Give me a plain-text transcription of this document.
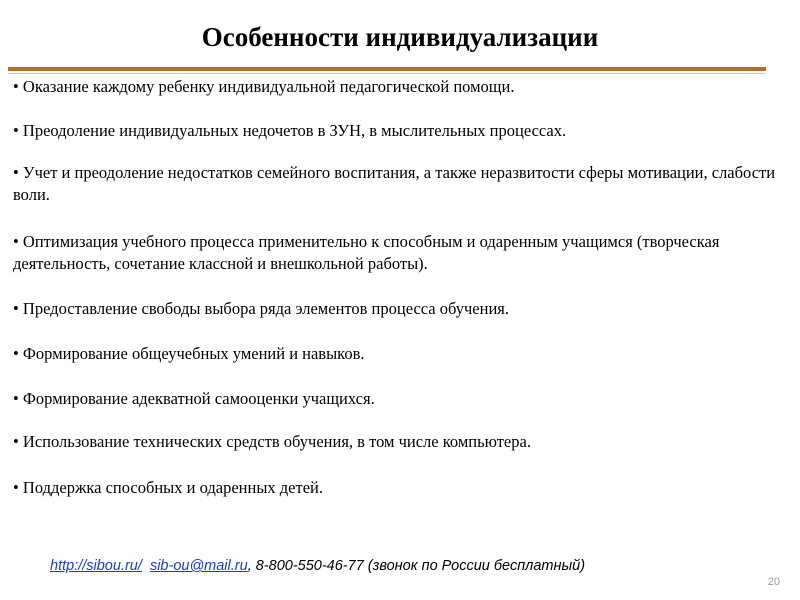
Особенности индивидуализации
• Оказание каждому ребенку индивидуальной педагогической помощи.
• Преодоление индивидуальных недочетов в ЗУН, в мыслительных процессах.
• Учет и преодоление недостатков семейного воспитания, а также неразвитости сферы мотивации, слабости воли.
• Оптимизация учебного процесса применительно к способным и одаренным учащимся (творческая деятельность, сочетание классной и внешкольной работы).
• Предоставление свободы выбора ряда элементов процесса обучения.
• Формирование общеучебных умений и навыков.
• Формирование адекватной самооценки учащихся.
• Использование технических средств обучения, в том числе компьютера.
• Поддержка способных и одаренных детей.
http://sibou.ru/ sib-ou@mail.ru, 8-800-550-46-77 (звонок по России бесплатный)
20
